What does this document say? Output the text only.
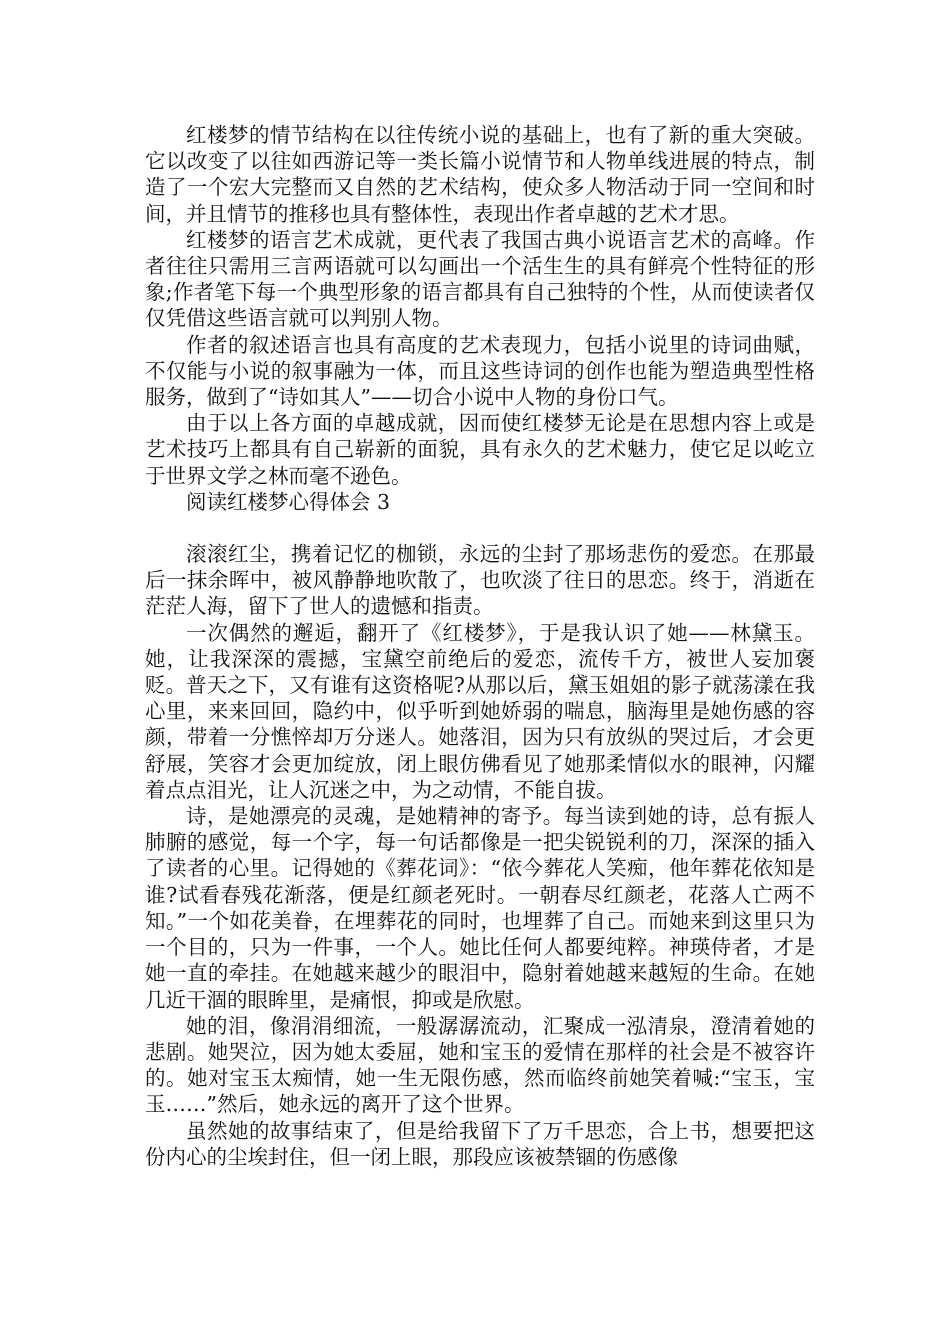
红楼梦的情节结构在以往传统小说的基础上，也有了新的重大突破。它以改变了以往如西游记等一类长篇小说情节和人物单线进展的特点，制造了一个宏大完整而又自然的艺术结构，使众多人物活动于同一空间和时间，并且情节的推移也具有整体性，表现出作者卓越的艺术才思。

红楼梦的语言艺术成就，更代表了我国古典小说语言艺术的高峰。作者往往只需用三言两语就可以勾画出一个活生生的具有鲜亮个性特征的形象;作者笔下每一个典型形象的语言都具有自己独特的个性，从而使读者仅仅凭借这些语言就可以判别人物。

作者的叙述语言也具有高度的艺术表现力，包括小说里的诗词曲赋，不仅能与小说的叙事融为一体，而且这些诗词的创作也能为塑造典型性格服务，做到了“诗如其人”——切合小说中人物的身份口气。

由于以上各方面的卓越成就，因而使红楼梦无论是在思想内容上或是艺术技巧上都具有自己崭新的面貌，具有永久的艺术魅力，使它足以屹立于世界文学之林而毫不逊色。

阅读红楼梦心得体会 3

滚滚红尘，携着记忆的枷锁，永远的尘封了那场悲伤的爱恋。在那最后一抹余晖中，被风静静地吹散了，也吹淡了往日的思恋。终于，消逝在茫茫人海，留下了世人的遗憾和指责。

一次偶然的邂逅，翻开了《红楼梦》，于是我认识了她——林黛玉。她，让我深深的震撼，宝黛空前绝后的爱恋，流传千方，被世人妄加褒贬。普天之下，又有谁有这资格呢?从那以后，黛玉姐姐的影子就荡漾在我心里，来来回回，隐约中，似乎听到她娇弱的喘息，脑海里是她伤感的容颜，带着一分憔悴却万分迷人。她落泪，因为只有放纵的哭过后，才会更舒展，笑容才会更加绽放，闭上眼仿佛看见了她那柔情似水的眼神，闪耀着点点泪光，让人沉迷之中，为之动情，不能自拔。

诗，是她漂亮的灵魂，是她精神的寄予。每当读到她的诗，总有振人肺腑的感觉，每一个字，每一句话都像是一把尖锐锐利的刀，深深的插入了读者的心里。记得她的《葬花词》：“依今葬花人笑痴，他年葬花依知是谁?试看春残花渐落，便是红颜老死时。一朝春尽红颜老，花落人亡两不知。”一个如花美眷，在埋葬花的同时，也埋葬了自己。而她来到这里只为一个目的，只为一件事，一个人。她比任何人都要纯粹。神瑛侍者，才是她一直的牵挂。在她越来越少的眼泪中，隐射着她越来越短的生命。在她几近干涸的眼眸里，是痛恨，抑或是欣慰。

她的泪，像涓涓细流，一般潺潺流动，汇聚成一泓清泉，澄清着她的悲剧。她哭泣，因为她太委屈，她和宝玉的爱情在那样的社会是不被容许的。她对宝玉太痴情，她一生无限伤感，然而临终前她笑着喊:“宝玉，宝玉……”然后，她永远的离开了这个世界。

虽然她的故事结束了，但是给我留下了万千思恋，合上书，想要把这份内心的尘埃封住，但一闭上眼，那段应该被禁锢的伤感像
